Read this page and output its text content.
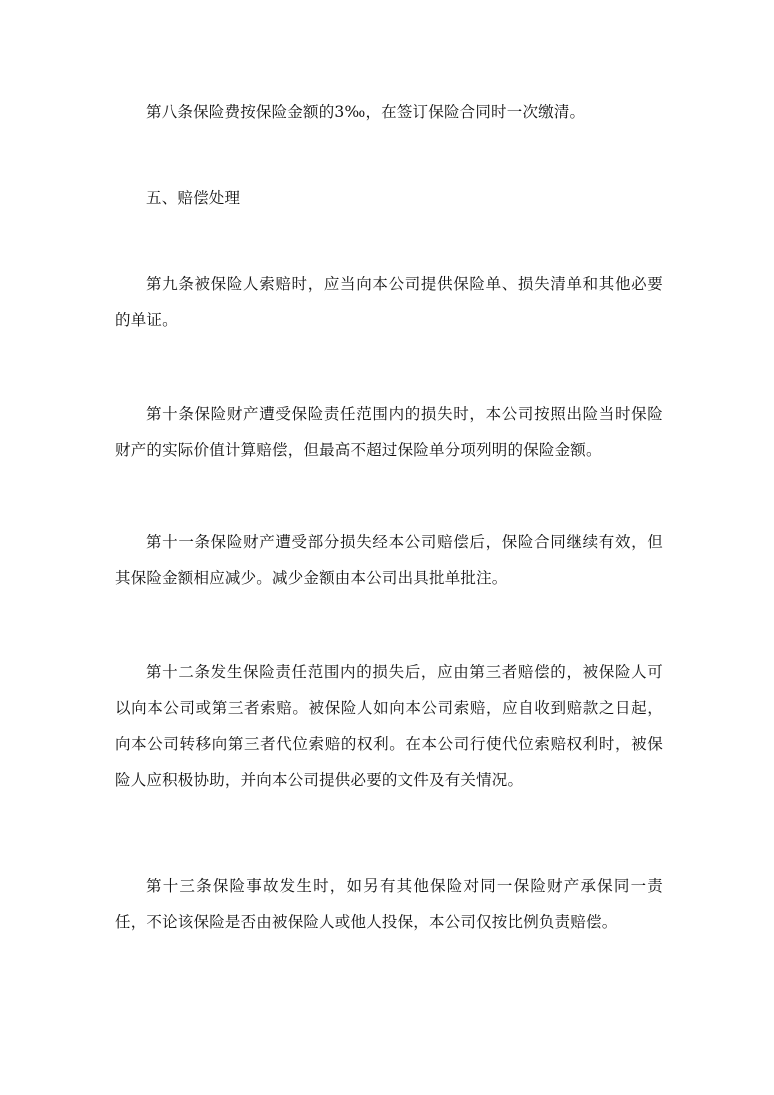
第八条保险费按保险金额的3‰，在签订保险合同时一次缴清。

五、赔偿处理

第九条被保险人索赔时，应当向本公司提供保险单、损失清单和其他必要的单证。

第十条保险财产遭受保险责任范围内的损失时，本公司按照出险当时保险财产的实际价值计算赔偿，但最高不超过保险单分项列明的保险金额。

第十一条保险财产遭受部分损失经本公司赔偿后，保险合同继续有效，但其保险金额相应减少。减少金额由本公司出具批单批注。

第十二条发生保险责任范围内的损失后，应由第三者赔偿的，被保险人可以向本公司或第三者索赔。被保险人如向本公司索赔，应自收到赔款之日起，向本公司转移向第三者代位索赔的权利。在本公司行使代位索赔权利时，被保险人应积极协助，并向本公司提供必要的文件及有关情况。

第十三条保险事故发生时，如另有其他保险对同一保险财产承保同一责任，不论该保险是否由被保险人或他人投保，本公司仅按比例负责赔偿。
